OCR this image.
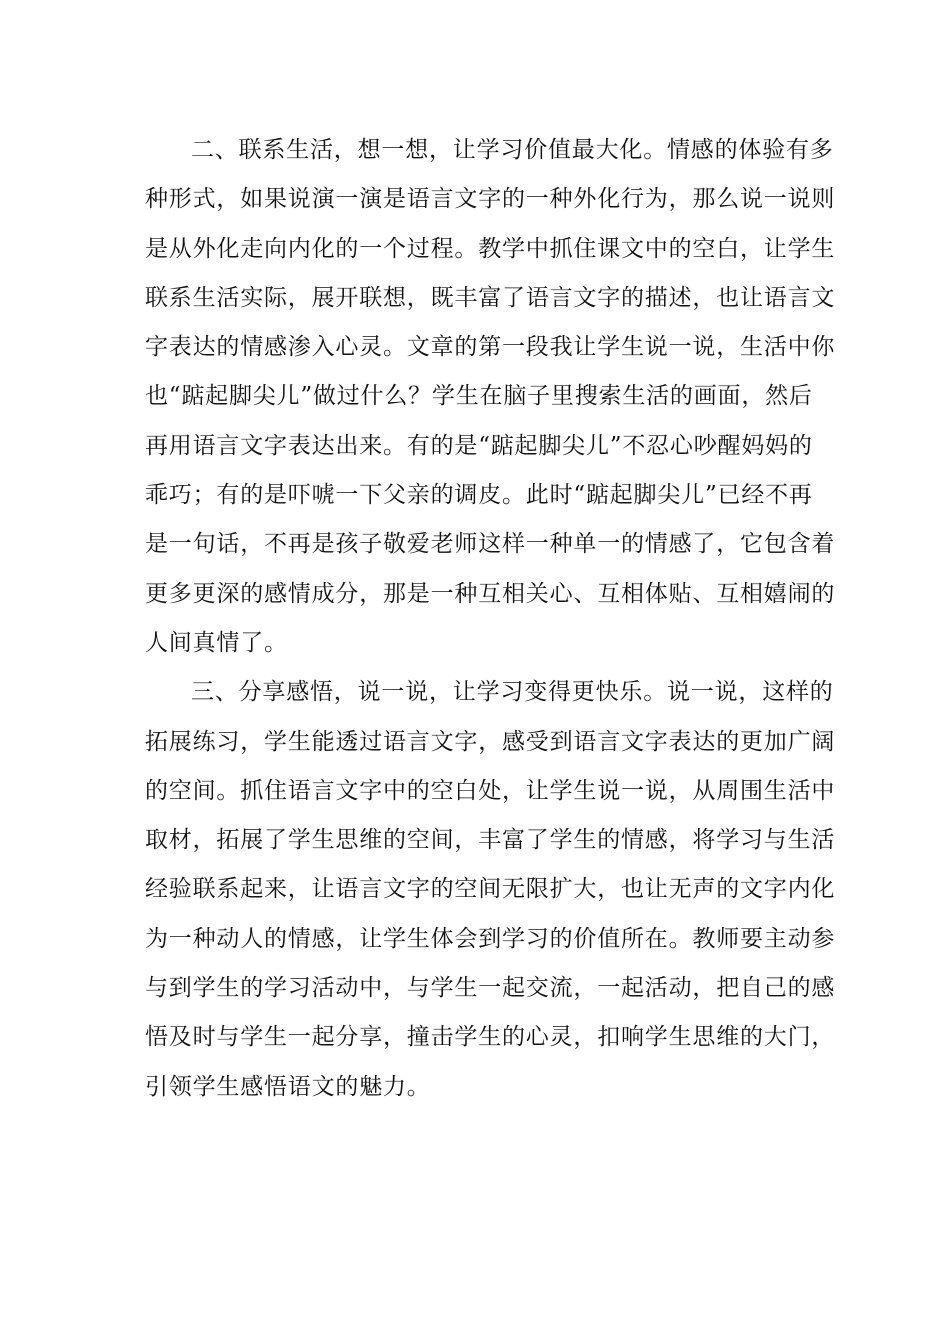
二、联系生活，想一想，让学习价值最大化。情感的体验有多
种形式，如果说演一演是语言文字的一种外化行为，那么说一说则
是从外化走向内化的一个过程。教学中抓住课文中的空白，让学生
联系生活实际，展开联想，既丰富了语言文字的描述，也让语言文
字表达的情感渗入心灵。文章的第一段我让学生说一说，生活中你
也“踮起脚尖儿”做过什么？学生在脑子里搜索生活的画面，然后
再用语言文字表达出来。有的是“踮起脚尖儿”不忍心吵醒妈妈的
乖巧；有的是吓唬一下父亲的调皮。此时“踮起脚尖儿”已经不再
是一句话，不再是孩子敬爱老师这样一种单一的情感了，它包含着
更多更深的感情成分，那是一种互相关心、互相体贴、互相嬉闹的
人间真情了。
三、分享感悟，说一说，让学习变得更快乐。说一说，这样的
拓展练习，学生能透过语言文字，感受到语言文字表达的更加广阔
的空间。抓住语言文字中的空白处，让学生说一说，从周围生活中
取材，拓展了学生思维的空间，丰富了学生的情感，将学习与生活
经验联系起来，让语言文字的空间无限扩大，也让无声的文字内化
为一种动人的情感，让学生体会到学习的价值所在。教师要主动参
与到学生的学习活动中，与学生一起交流，一起活动，把自己的感
悟及时与学生一起分享，撞击学生的心灵，扣响学生思维的大门，
引领学生感悟语文的魅力。
